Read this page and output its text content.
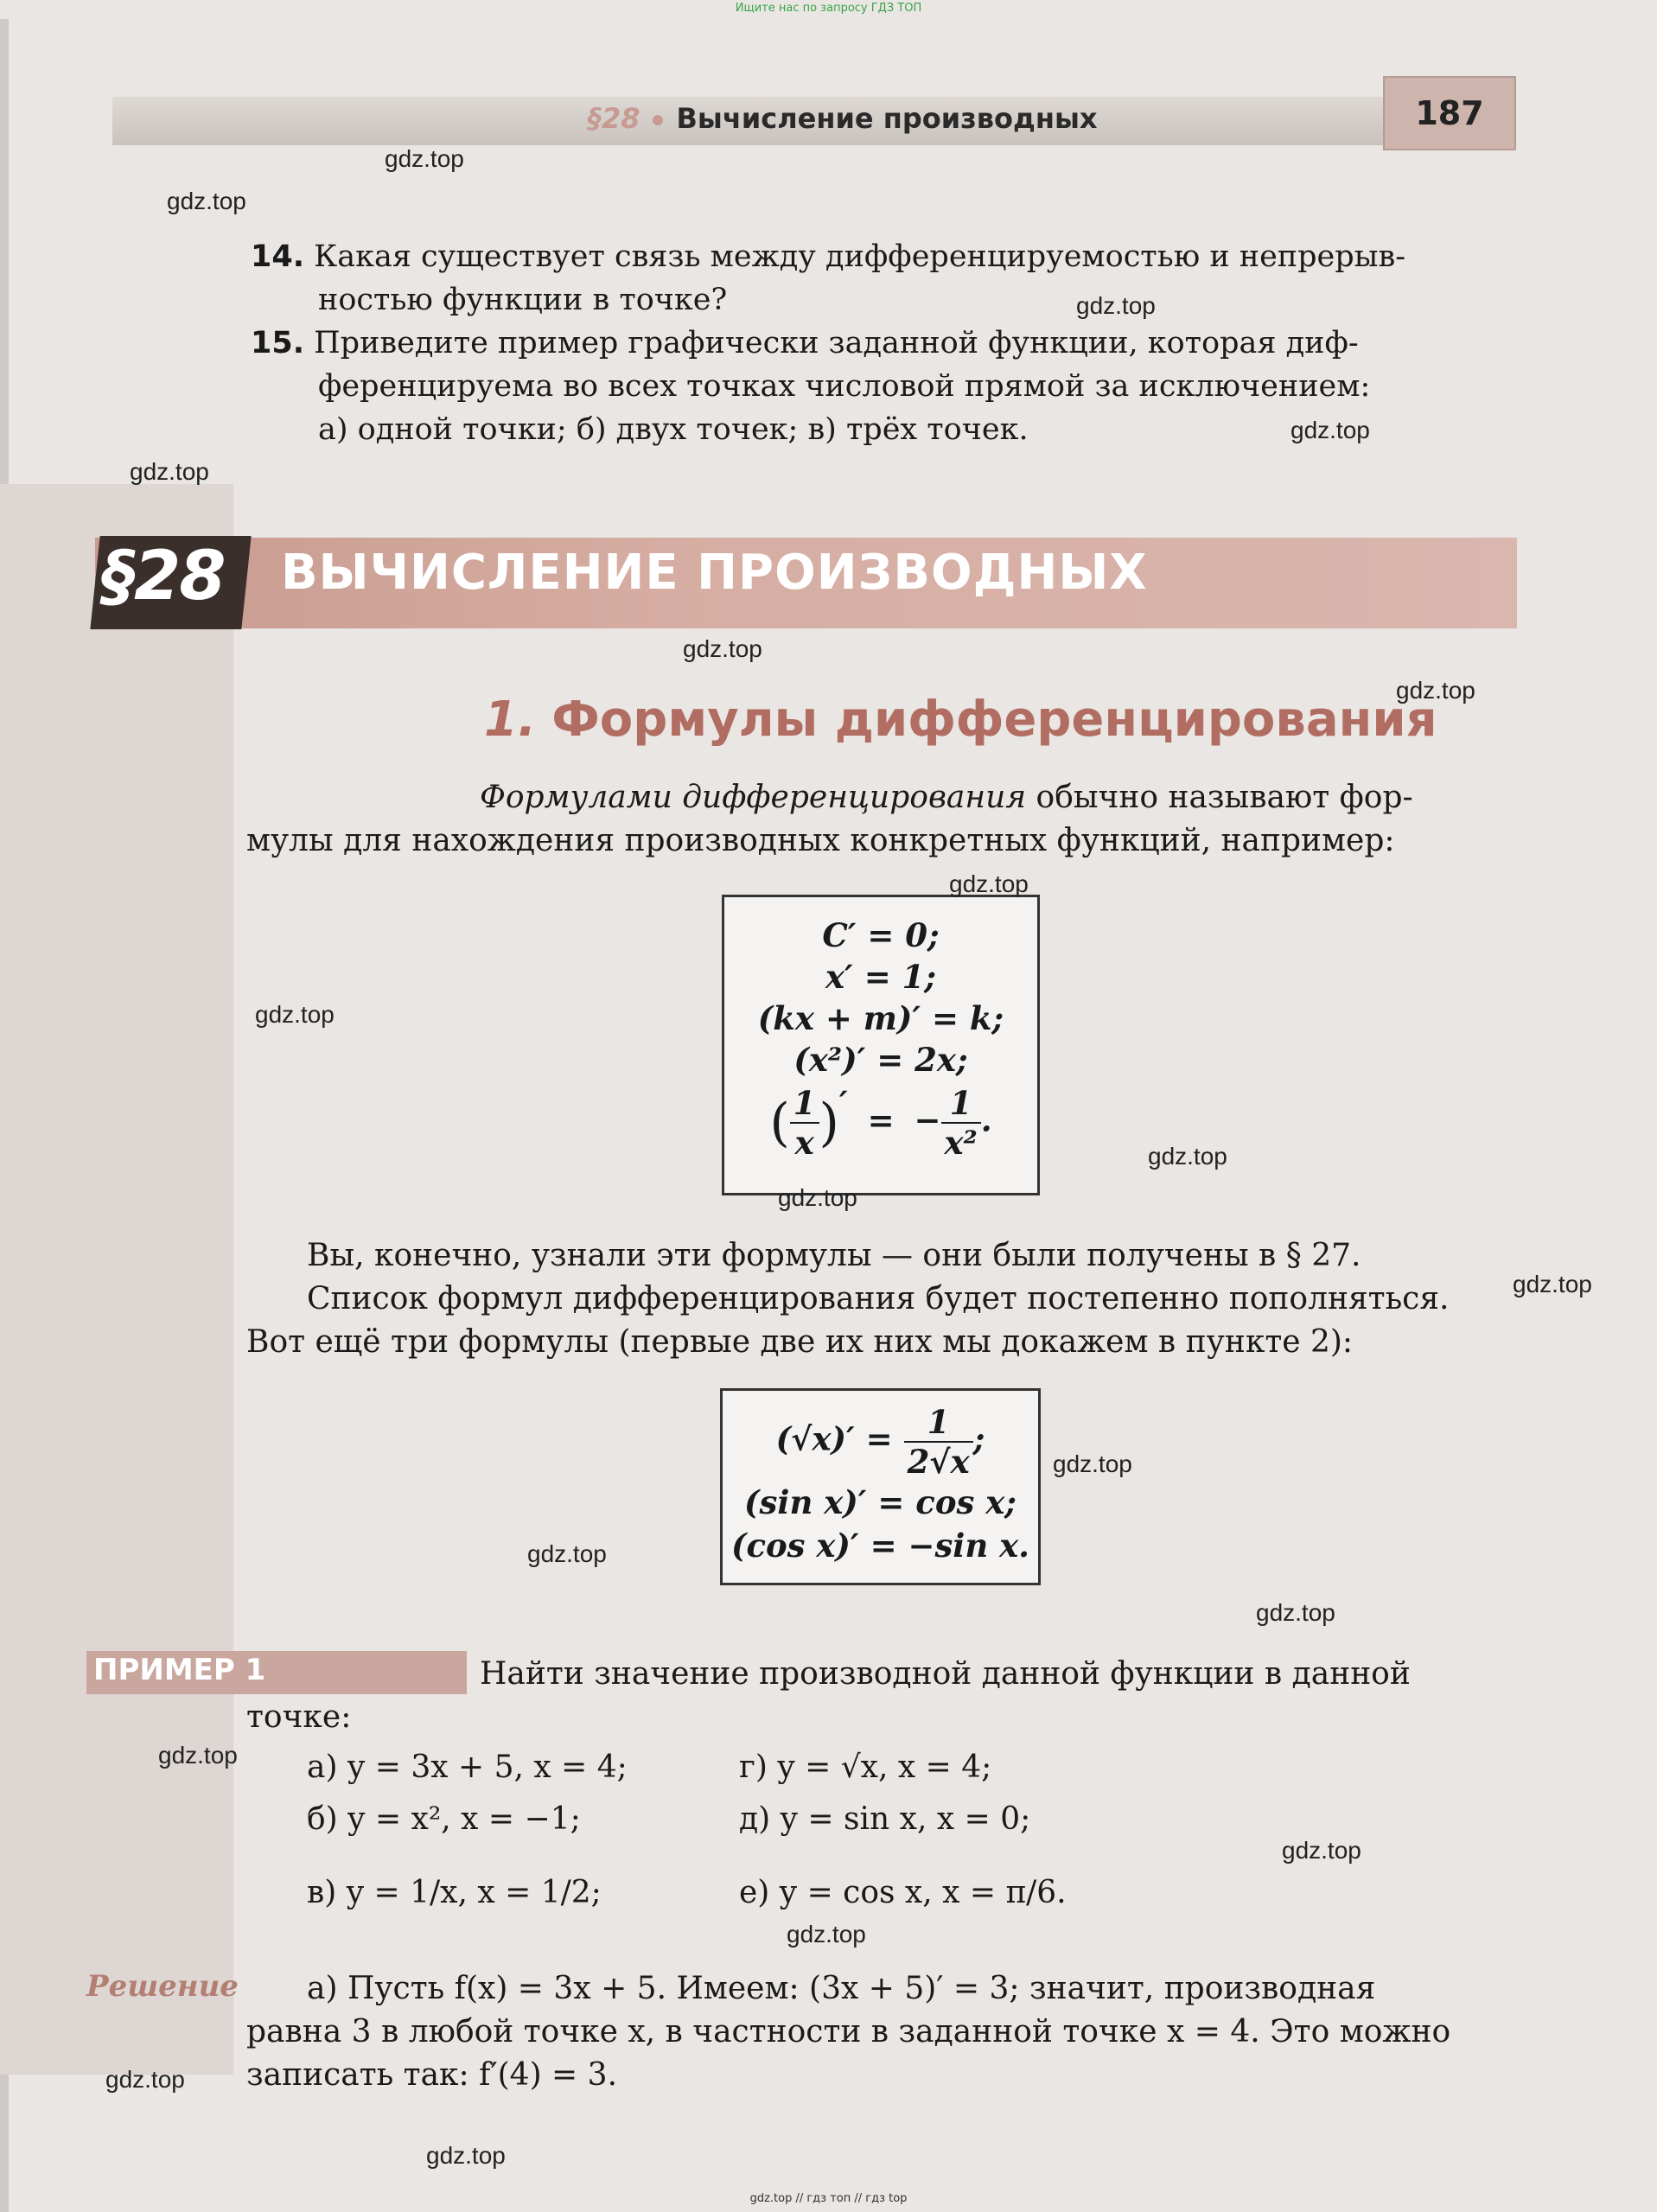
Ищите нас по запросу ГДЗ ТОП
§28 Вычисление производных	187
14. Какая существует связь между дифференцируемостью и непрерыв-
ностью функции в точке?
15. Приведите пример графически заданной функции, которая диф-
ференцируема во всех точках числовой прямой за исключением:
а) одной точки; б) двух точек; в) трёх точек.
§28 ВЫЧИСЛЕНИЕ ПРОИЗВОДНЫХ
1. Формулы дифференцирования
Формулами дифференцирования обычно называют фор-
мулы для нахождения производных конкретных функций, например:
C′ = 0;
x′ = 1;
(kx + m)′ = k;
(x²)′ = 2x;
( $\frac{1}{x}$ )′ = − $\frac{1}{\text{x²}}$ .
Вы, конечно, узнали эти формулы — они были получены в § 27.
Список формул дифференцирования будет постепенно пополняться.
Вот ещё три формулы (первые две их них мы докажем в пункте 2):
$(√x)' = \frac{1}{2√x}$ ;
(sin x)′ = cos x;
(cos x)′ = −sin x.
ПРИМЕР 1	Найти значение производной данной функции в данной
точке:
а) y = 3x + 5, x = 4;
б) y = x², x = −1;
в) y = 1/x, x = 1/2;
г) y = √x, x = 4;
д) y = sin x, x = 0;
е) y = cos x, x = π/6.
Решение а) Пусть f(x) = 3x + 5. Имеем: (3x + 5)′ = 3; значит, производная
равна 3 в любой точке x, в частности в заданной точке x = 4. Это можно
записать так: f′(4) = 3.
gdz.top
gdz.top
gdz.top
gdz.top
gdz.top
gdz.top
gdz.top
gdz.top
gdz.top
gdz.top
gdz.top
gdz.top
gdz.top
gdz.top
gdz.top
gdz.top
gdz.top
gdz.top
gdz.top
gdz.top
gdz.top // гдз топ // гдз top
